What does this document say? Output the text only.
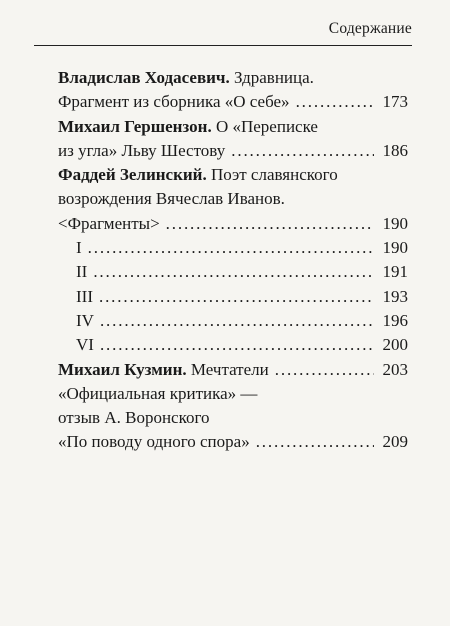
Содержание
Владислав Ходасевич. Здравница.
Фрагмент из сборника «О себе» . . .	173
Михаил Гершензон. О «Переписке
из угла» Льву Шестову . . .	186
Фаддей Зелинский. Поэт славянского
возрождения Вячеслав Иванов.
<Фрагменты> . . .	190
I . . .	190
II . . .	191
III . . .	193
IV . . .	196
VI . . .	200
Михаил Кузмин. Мечтатели . . .	203
«Официальная критика» —
отзыв А. Воронского
«По поводу одного спора» . . .	209
